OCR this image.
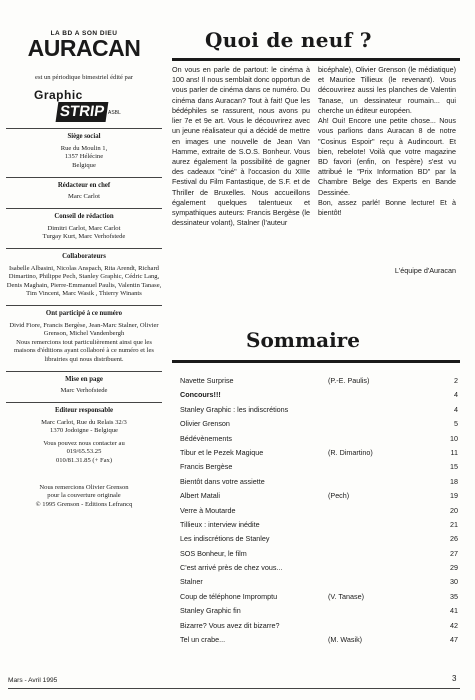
LA BD A SON DIEU
AURACAN
est un périodique bimestriel édité par
Graphic
STRIP ASBL
Siège social
Rue du Moulin 1,
1357 Hélécine
Belgique
Rédacteur en chef
Marc Carlot
Conseil de rédaction
Dimitri Carlot, Marc Carlot
Turgay Kurt, Marc Verhofstede
Collaborateurs
Isabelle Albasini, Nicolas Anspach, Rita Arendt, Richard Dimartino, Philippe Pech, Stanley Graphic, Cédric Lang, Denis Maghain, Pierre-Emmanuel Paulis, Valentin Tanase, Tim Vincent, Marc Wasik , Thierry Winants
Ont participé à ce numéro
Divid Fiore, Francis Bergèse, Jean-Marc Stalner, Olivier Grenson, Michel Vandenbergh
Nous remercions tout particulièrement ainsi que les maisons d'éditions ayant collaboré à ce numéro et les librairies qui nous distribuent.
Mise en page
Marc Verhofstede
Editeur responsable
Marc Carlot, Rue du Relais 32/3
1370 Jodoigne - Belgique
Vous pouvez nous contacter au
019/65.53.25
010/81.31.85 (+ Fax)
Nous remercions Olivier Grenson
pour la couverture originale
© 1995 Grenson - Editions Lefrancq
Quoi de neuf ?
On vous en parle de partout: le cinéma à 100 ans! Il nous semblait donc opportun de vous parler de cinéma dans ce numéro. Du cinéma dans Auracan? Tout à fait! Que les bédéphiles se rassurent, nous avons pu lier 7e et 9e art. Vous le découvrirez avec un jeune réalisateur qui a décidé de mettre en images une nouvelle de Jean Van Hamme, extraite de S.O.S. Bonheur. Vous aurez également la possibilité de gagner des cadeaux "ciné" à l'occasion du XIIIe Festival du Film Fantastique, de S.F. et de Thriller de Bruxelles. Nous accueillons également quelques talentueux et sympathiques auteurs: Francis Bergèse (le dessinateur volant), Stalner (l'auteur
bicéphale), Olivier Grenson (le médiatique) et Maurice Tillieux (le revenant). Vous découvrirez aussi les planches de Valentin Tanase, un dessinateur roumain... qui cherche un éditeur européen.
Ah! Oui! Encore une petite chose... Nous vous parlions dans Auracan 8 de notre "Cosinus Espoir" reçu à Audincourt. Et bien, rebelote! Voilà que votre magazine BD favori (enfin, on l'espère) s'est vu attribué le "Prix Information BD" par la Chambre Belge des Experts en Bande Dessinée.
Bon, assez parlé! Bonne lecture! Et à bientôt!
L'équipe d'Auracan
Sommaire
Navette Surprise	(P.-E. Paulis)	2
Concours!!!	4
Stanley Graphic : les indiscrétions	4
Olivier Grenson	5
Bédévènements	10
Tibur et le Pezek Magique	(R. Dimartino)	11
Francis Bergèse	15
Bientôt dans votre assiette	18
Albert Matali	(Pech)	19
Verre à Moutarde	20
Tillieux : interview inédite	21
Les indiscrétions de Stanley	26
SOS Bonheur, le film	27
C'est arrivé près de chez vous...	29
Stalner	30
Coup de téléphone Impromptu	(V. Tanase)	35
Stanley Graphic fin	41
Bizarre? Vous avez dit bizarre?	42
Tel un crabe...	(M. Wasik)	47
Mars - Avril 1995	3
